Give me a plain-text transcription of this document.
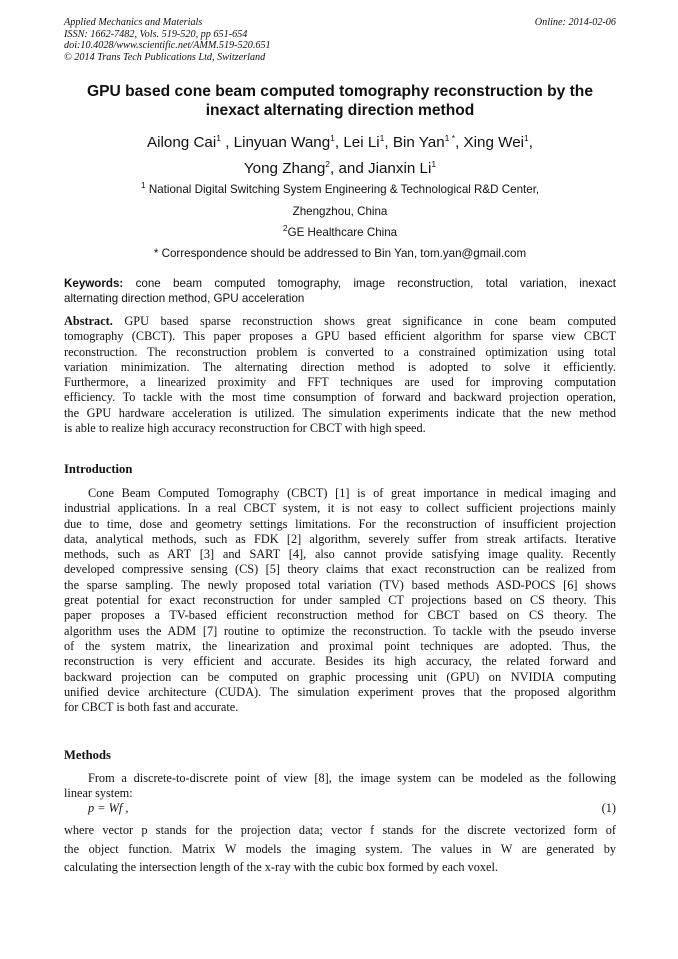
Applied Mechanics and Materials
ISSN: 1662-7482, Vols. 519-520, pp 651-654
doi:10.4028/www.scientific.net/AMM.519-520.651
© 2014 Trans Tech Publications Ltd, Switzerland
Online: 2014-02-06
GPU based cone beam computed tomography reconstruction by the
inexact alternating direction method
Ailong Cai$^1$ , Linyuan Wang$^1$, Lei Li$^1$, Bin Yan$^{1 *}$, Xing Wei$^1$,
Yong Zhang$^2$, and Jianxin Li$^1$
$^1$ National Digital Switching System Engineering & Technological R&D Center,
Zhengzhou, China
$^2$GE Healthcare China
* Correspondence should be addressed to Bin Yan, tom.yan@gmail.com
Keywords: cone beam computed tomography, image reconstruction, total variation, inexact
alternating direction method, GPU acceleration
Abstract. GPU based sparse reconstruction shows great significance in cone beam computed
tomography (CBCT). This paper proposes a GPU based efficient algorithm for sparse view CBCT
reconstruction. The reconstruction problem is converted to a constrained optimization using total
variation minimization. The alternating direction method is adopted to solve it efficiently.
Furthermore, a linearized proximity and FFT techniques are used for improving computation
efficiency. To tackle with the most time consumption of forward and backward projection operation,
the GPU hardware acceleration is utilized. The simulation experiments indicate that the new method
is able to realize high accuracy reconstruction for CBCT with high speed.
Introduction
Cone Beam Computed Tomography (CBCT) [1] is of great importance in medical imaging and
industrial applications. In a real CBCT system, it is not easy to collect sufficient projections mainly
due to time, dose and geometry settings limitations. For the reconstruction of insufficient projection
data, analytical methods, such as FDK [2] algorithm, severely suffer from streak artifacts. Iterative
methods, such as ART [3] and SART [4], also cannot provide satisfying image quality. Recently
developed compressive sensing (CS) [5] theory claims that exact reconstruction can be realized from
the sparse sampling. The newly proposed total variation (TV) based methods ASD-POCS [6] shows
great potential for exact reconstruction for under sampled CT projections based on CS theory. This
paper proposes a TV-based efficient reconstruction method for CBCT based on CS theory. The
algorithm uses the ADM [7] routine to optimize the reconstruction. To tackle with the pseudo inverse
of the system matrix, the linearization and proximal point techniques are adopted. Thus, the
reconstruction is very efficient and accurate. Besides its high accuracy, the related forward and
backward projection can be computed on graphic processing unit (GPU) on NVIDIA computing
unified device architecture (CUDA). The simulation experiment proves that the proposed algorithm
for CBCT is both fast and accurate.
Methods
From a discrete-to-discrete point of view [8], the image system can be modeled as the following
linear system:
p = Wf ,	(1)
where vector p stands for the projection data; vector f stands for the discrete vectorized form of
the object function. Matrix W models the imaging system. The values in W are generated by
calculating the intersection length of the x-ray with the cubic box formed by each voxel.
